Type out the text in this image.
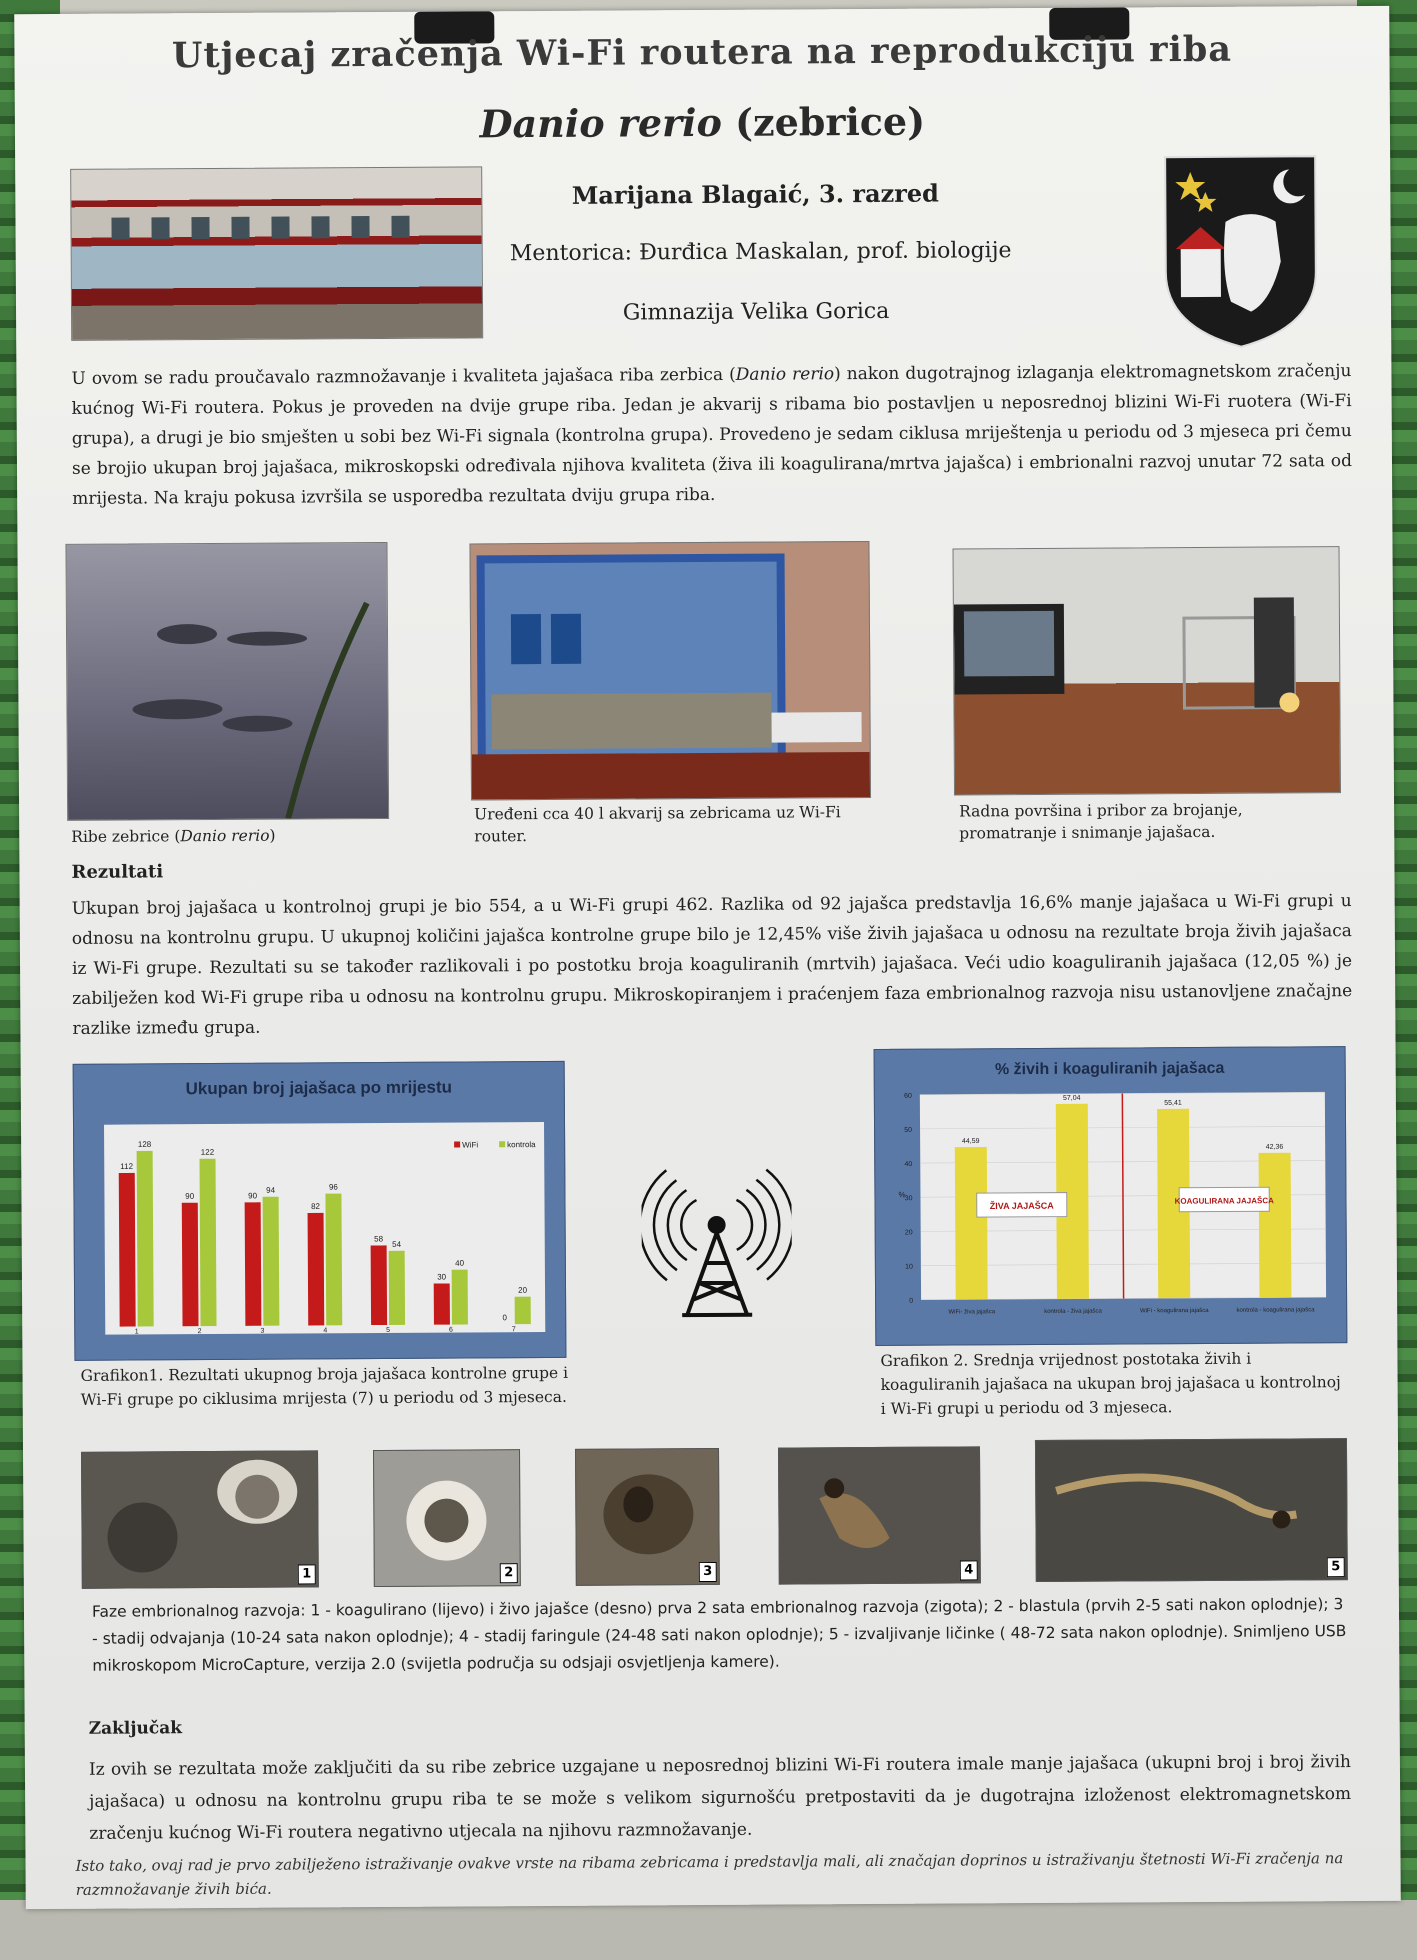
Utjecaj zračenja Wi-Fi routera na reprodukciju riba
Danio rerio (zebrice)
Marijana Blagaić, 3. razred
Mentorica: Đurđica Maskalan, prof. biologije
Gimnazija Velika Gorica
U ovom se radu proučavalo razmnožavanje i kvaliteta jajašaca riba zerbica (Danio rerio) nakon dugotrajnog izlaganja elektromagnetskom zračenju kućnog Wi-Fi routera. Pokus je proveden na dvije grupe riba. Jedan je akvarij s ribama bio postavljen u neposrednoj blizini Wi-Fi ruotera (Wi-Fi grupa), a drugi je bio smješten u sobi bez Wi-Fi signala (kontrolna grupa). Provedeno je sedam ciklusa mriještenja u periodu od 3 mjeseca pri čemu se brojio ukupan broj jajašaca, mikroskopski određivala njihova kvaliteta (živa ili koagulirana/mrtva jajašca) i embrionalni razvoj unutar 72 sata od mrijesta. Na kraju pokusa izvršila se usporedba rezultata dviju grupa riba.
Ribe zebrice (Danio rerio)
Uređeni cca 40 l akvarij sa zebricama uz Wi-Fi router.
Radna površina i pribor za brojanje, promatranje i snimanje jajašaca.
Rezultati
Ukupan broj jajašaca u kontrolnoj grupi je bio 554, a u Wi-Fi grupi 462. Razlika od 92 jajašca predstavlja 16,6% manje jajašaca u Wi-Fi grupi u odnosu na kontrolnu grupu. U ukupnoj količini jajašca kontrolne grupe bilo je 12,45% više živih jajašaca u odnosu na rezultate broja živih jajašaca iz Wi-Fi grupe. Rezultati su se također razlikovali i po postotku broja koaguliranih (mrtvih) jajašaca. Veći udio koaguliranih jajašaca (12,05 %) je zabilježen kod Wi-Fi grupe riba u odnosu na kontrolnu grupu. Mikroskopiranjem i praćenjem faza embrionalnog razvoja nisu ustanovljene značajne razlike između grupa.
Ukupan broj jajašaca po mrijestu
112
128
1
90
122
2
90
94
3
82
96
4
58
54
5
30
40
6
0
20
7
WiFi	kontrola
Grafikon1. Rezultati ukupnog broja jajašaca kontrolne grupe i Wi-Fi grupe po ciklusima mrijesta (7) u periodu od 3 mjeseca.
% živih i koaguliranih jajašaca
0
10
20
30
40
50
60
%
44,59
WiFi- živa jajašca
57,04
kontrola - živa jajašca
55,41
WiFi - koagulirana jajašca
42,36
kontrola - koagulirana jajašca
ŽIVA JAJAŠCA	KOAGULIRANA JAJAŠCA
Grafikon 2. Srednja vrijednost postotaka živih i koaguliranih jajašaca na ukupan broj jajašaca u kontrolnoj i Wi-Fi grupi u periodu od 3 mjeseca.
1	2	3	4	5
Faze embrionalnog razvoja: 1 - koagulirano (lijevo) i živo jajašce (desno) prva 2 sata embrionalnog razvoja (zigota); 2 - blastula (prvih 2-5 sati nakon oplodnje); 3 - stadij odvajanja (10-24 sata nakon oplodnje); 4 - stadij faringule (24-48 sati nakon oplodnje); 5 - izvaljivanje ličinke ( 48-72 sata nakon oplodnje). Snimljeno USB mikroskopom MicroCapture, verzija 2.0 (svijetla područja su odsjaji osvjetljenja kamere).
Zaključak
Iz ovih se rezultata može zaključiti da su ribe zebrice uzgajane u neposrednoj blizini Wi-Fi routera imale manje jajašaca (ukupni broj i broj živih jajašaca) u odnosu na kontrolnu grupu riba te se može s velikom sigurnošću pretpostaviti da je dugotrajna izloženost elektromagnetskom zračenju kućnog Wi-Fi routera negativno utjecala na njihovu razmnožavanje.
Isto tako, ovaj rad je prvo zabilježeno istraživanje ovakve vrste na ribama zebricama i predstavlja mali, ali značajan doprinos u istraživanju štetnosti Wi-Fi zračenja na razmnožavanje živih bića.
